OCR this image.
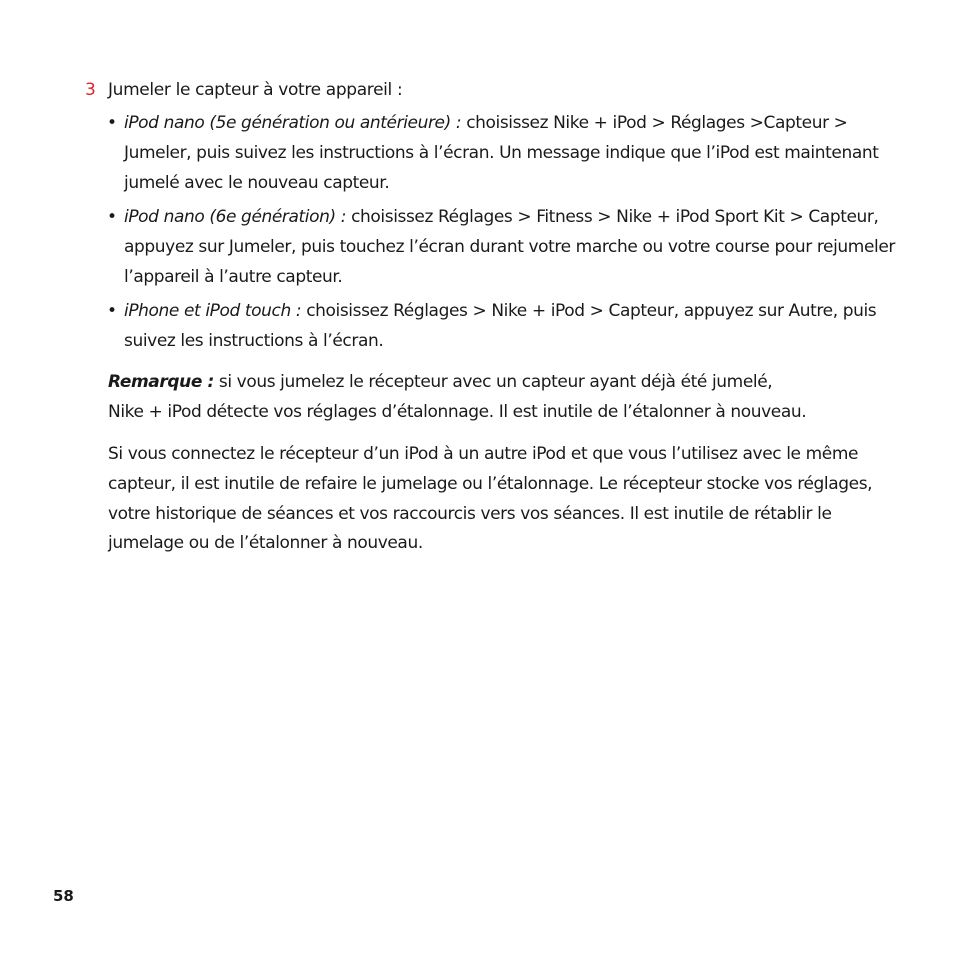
3 Jumeler le capteur à votre appareil :
• iPod nano (5e génération ou antérieure) : choisissez Nike + iPod > Réglages >Capteur > Jumeler, puis suivez les instructions à l’écran. Un message indique que l’iPod est maintenant jumelé avec le nouveau capteur.
• iPod nano (6e génération) : choisissez Réglages > Fitness > Nike + iPod Sport Kit > Capteur, appuyez sur Jumeler, puis touchez l’écran durant votre marche ou votre course pour rejumeler l’appareil à l’autre capteur.
• iPhone et iPod touch : choisissez Réglages > Nike + iPod > Capteur, appuyez sur Autre, puis suivez les instructions à l’écran.

Remarque : si vous jumelez le récepteur avec un capteur ayant déjà été jumelé,
Nike + iPod détecte vos réglages d’étalonnage. Il est inutile de l’étalonner à nouveau.

Si vous connectez le récepteur d’un iPod à un autre iPod et que vous l’utilisez avec le même capteur, il est inutile de refaire le jumelage ou l’étalonnage. Le récepteur stocke vos réglages, votre historique de séances et vos raccourcis vers vos séances. Il est inutile de rétablir le jumelage ou de l’étalonner à nouveau.

58
